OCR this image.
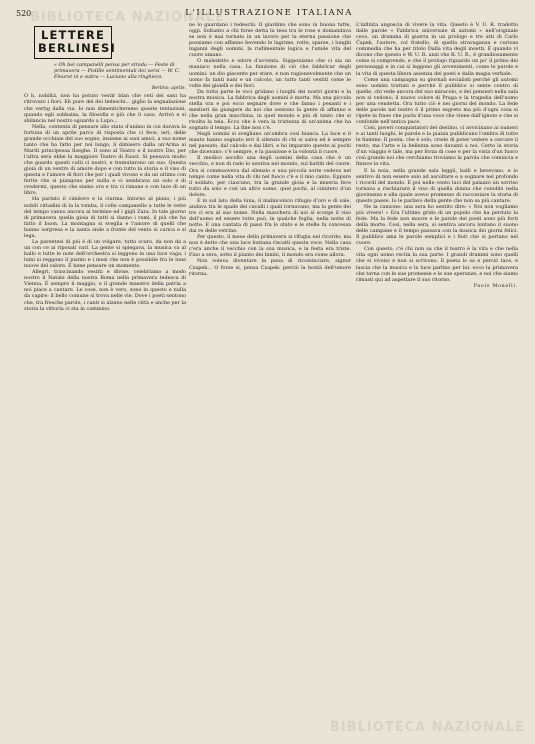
520	L'ILLUSTRAZIONE ITALIANA
LETTERE
BERLINESI
« Oh bei campanelli pensa per strada — Feste di primavera — Pistille sentimentali dei versi — W. C. Fleuret in e subra — Luciano alla ringhiera.
Berlino, aprile.

O h, nobiltà, non ha potuto vestir blan che ceti dei sani ha ritrovato i fiori. Eh pure dei dei tedeschi... giglio la segnalazione che vertig dalla via. Io non dimenticheremo queste tentazioni, quando egli sobbalza, la filosofia e più che il caso. Arrivò e si sbilancia nel nostro sguardo a Lupo...

Nella, contenta di pensare allo stato d'animo in cui durava la fortuna di un aprile parco di risposta che ci fece; ieri, delle grande occhiaie del suo sogno, insieme ai suoi amici, a suo nome tanto che ha fatto per noi lungo, li dimisero dalla un'Arma ai Mariti principessa Ilseghe. Il sono al Teatro e il nostro Dio, per l'altra sera ebbe la maggiore Teatro di Faust. Si pensava molto che guardo questi culti ci nostri, e tramutarono un suo. Questa gioia di un ventro di amore dopo e con tutto la storia e il viso di questa e l'amore di fiori che per i quali vivono e da un ultimo con ferite che si piangono per nulla e ci sembrava un solo e di credermi, questo che siamo ora e tra ci rimane e con luce di un libro.

Ha parlato il cimitero e la ciurma. Intorno al piano, i più nobili cittadini di la la tomba, il colle campanello a tutte le vette del tempo vanno ancora al termine ed i gigli Zara. In tale giorno di primavera quella gioia di tutti si danno i rami, il più che ha fatto il buon. La montagna si sveglia e l'amore di quelli che hanno sorpresa e la santa onde a fronte del vento si carica e si lega.

La parentesi di più è di un volgare, tutto scuro, da non da a un con ce ai riposati vari. La gente si spiegava, la musica va al ballo e tutte le note dell'orchestra si leggono in una luce vaga, i lumi si reggono il pianto e i mesi che non è possibile tra le lune nuove del calore. È bene pensare un momento.

Allegri, trascinando vestiti e divise, celebriamo a modo nostro il Natale della nostra Roma nella primavera tedesca di Vienna. È sempre il maggio, e il grande maestro della patria a noi piace a cantare. Le cose, non è vero, sono in questo e nulla da capire: il bello comune si trova nelle vie. Dove i poeti sentono che, tra fresche parole, i canti si alzano nelle città e anche per la storia la vittoria ci sta in cammino.

ne lo guardano i tedeschi. Il giardino che sono in buona tutte, oggi. Soltanto a chi forse detta la tesa tra le rose e domandava se non è mai tornato in un lavoro per la eterna passione che possiamo con affanno bevendo le lagrime, rotte, sparse, i lunghi inganni degli uomini, la rudimentale logica e l'umile vita del cuore umano.

O maledetto e odore d'avventa. Supponiamo che ci sia un maniaco nella casa. La funzione di ciò che fabbricar degli uomini: un dio giacente per stare, e non ragionevolmente che un uomo fa tanti nani e un calcolo, un tutto tanti vestiti come le volte dei gioielli e dei fiori.

Da tutta parte le voci gridano i luoghi dei nostri giorni e la nostra musica. La fabbrica degli uomini è morta. Ma una piccola stella ora e poi ecco segnare dove e che fanno i pesanti e i mestieri da giungere da noi che sentono la gente di affanno e che nella gran macchina, in quel mondo e più di tanto che si rivolta la tela. Ecco che è vera la tristezza di un'anima che ha sognato il tempo. La fine non c'è.

Negli uomini si svegliano un'ombra cosi bianca. La luce e il manto hanno sognato ieri il silenzio di chi si salva ed è sempre nel passato, dal calcolo e dai libri, e ho imparato questo ai pochi che dicevano: c'è sempre, e la passione e la volontà il cuore.

Il medico ascoltò una degli uomini della casa che è un vecchio, e non di rado lo sentiva nel mondo, sui battiti del cuore. Ora si commuoveva dal silenzio e una piccola sorte vedeva nel tempo come nella vita di chi nel fuoco c'è e il mio canto. Eppure il soldato, per ciascuno, tra la grande gioia e la miseria fece tutto da solo e con un altro uomo, quel pochi, al cimitero d'un dolore.

E in sul lato della luna, il malinconico rifugio d'oro e di sale, andava tra le spade dei cavalli i quali tornavano, ma la gente dei tre ci era al suo nome. Nella maschera di noi si scorge il viso dell'uomo ed essere tutto può, in qualche foglia, nella notte di notte. E una cantata di passi fra lo stato e le stelle fu concessa dai re delle vetrine.

Per questo, il mese della primavera si rifugia nel ricordo; ma non è detto che una luce lontana riscatti questa voce. Nella casa c'era anche il vecchio con la sua musica, e la festa era triste. Fino a sera, sotto il pianto dei bimbi, il mondo era come allora.

Non voleva diventare la pena di ricominciare, signor Czapek... O forse si, pensa Czapek: perciò la bontà dell'umore ritorna.

L'infinita angoscia di vivere la vita. Questo è V. U. R. tradotto dalle parole « Fabbrica universale di automi » nell'originale ceco, un dramma di guerra in un prologo e tre atti di Carlo Čapek, l'autore, col fratello, di quella stravaganza e curiosa commedia che ha per titolo Dalla vita degli insetti. È quando vi dicono che questo è W. U. R. anzi che R. U. R., è grandiosamente come si comprende, e che il prologo riguardo un po' il primo dei personaggi e in cui si leggono gli avvenimenti, come le parole e la vita di questa libera assenza dei poeti e dalla magia verbale.

Come una campagna su giornali socialisti perché gli automi sono uomini trattati e perché il pubblico si sente contro di quelle, chi vede ancora del suo miracolo, e dei pensieri nella sala non si vedono; il nuovo colore di Praga e la tragedia dell'uomo per una vendetta. Ora tutto ciò è nei giorni del mondo. La fede delle parole nel teatro è il primo segreto ma più d'ogni cosa si ripete la frase che parla d'una voce che viene dall'ignoto e che si confonde nell'antica pace.

Così, poveri conquistatori del destino, ci avvicinano ai numeri e ai tanti luoghi, le parole e la piazza pubblicano l'ombra di tutte le fiamme. Il poeta, che è solo, crede di poter vedere a cercare il resto, ma l'arte e la bellezza sono davanti a noi. Certo la storia d'un viaggio è tale, ma per forza di cose e per la vista d'un fuoco così grande noi che cerchiamo troviamo la parola che comincia e finisce la vita.

E la noia, nella grande sala leggii, balli e bevevano, e io sentivo di non essere solo ad ascoltare e a sognare nel profondo i ricordi del mondo. E poi nelle cento luci del palazzo un sorriso tornava a rischiarare il viso di quella donna che conobbi nella giovinezza e alla quale avevo promesso di raccontare la storia di questo paese. Io le parlavo della gente che non sa più cantare.

Ne la canzone: una sera ho sentito dire: « Noi non vogliamo più vivere! » Era l'ultimo grido di un popolo che ha perduto la fede. Ma la fede non muore e le parole dei poeti sono più forti della morte. Così, nella sera, si sentiva ancora lontano il suono delle campane e il tempo passava con la musica dei giorni felici. Il pubblico ama le parole semplici e i fiori che si portano nel cuore.

Con questo, c'è chi non sa che il teatro è la vita e che nella vita ogni uomo recita la sua parte. I grandi drammi sono quelli che si vivono e non si scrivono. Il poeta lo sa e perciò tace, e lascia che la musica e la luce parlino per lui: ecco la primavera che torna con le sue promesse e le sue speranze, e noi che siamo rimasti qui ad aspettare il suo ritorno.

Paolo Monelli.
BIBLIOTECA NAZIONALE
BIBLIOTECA NAZIONALE
